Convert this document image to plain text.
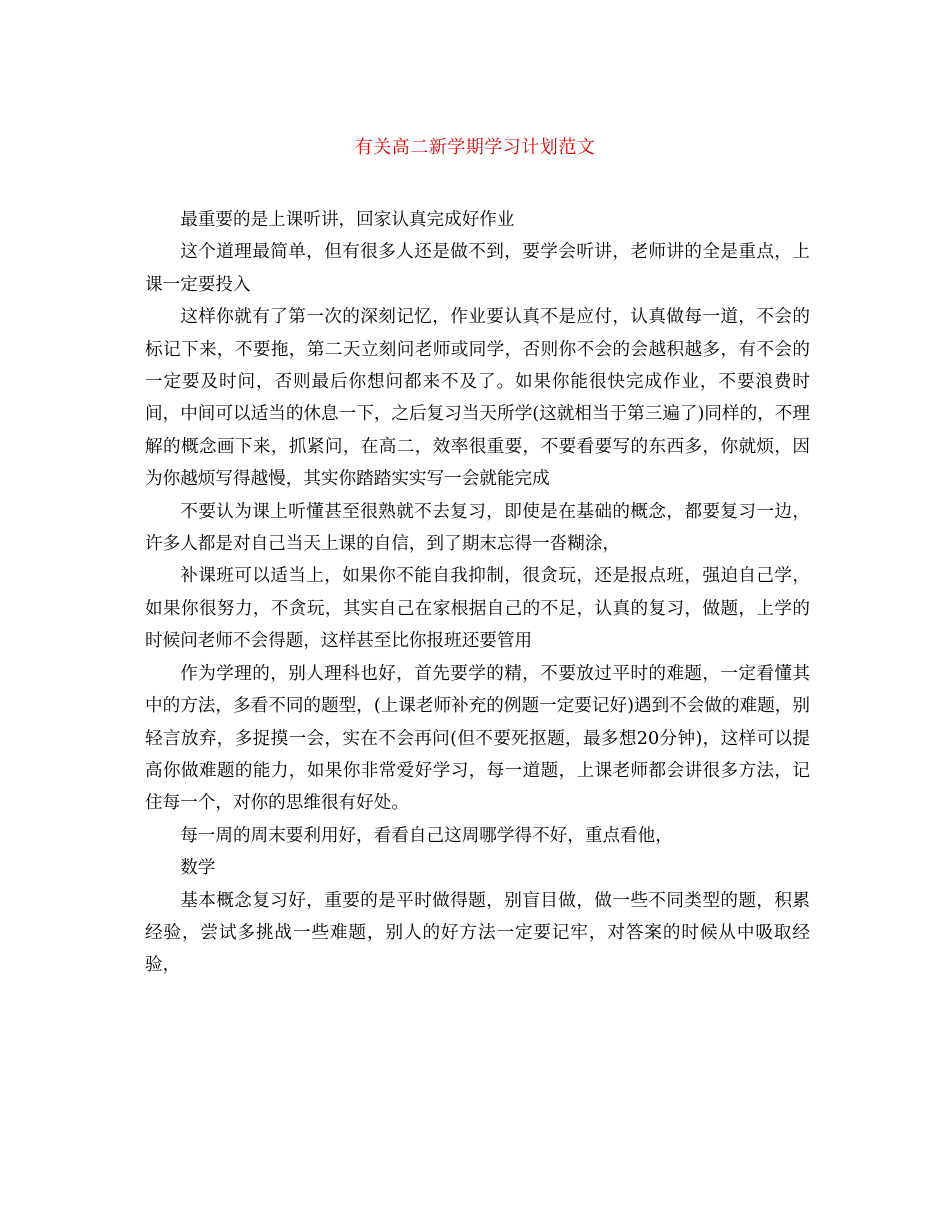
有关高二新学期学习计划范文

最重要的是上课听讲，回家认真完成好作业

这个道理最简单，但有很多人还是做不到，要学会听讲，老师讲的全是重点，上课一定要投入

这样你就有了第一次的深刻记忆，作业要认真不是应付，认真做每一道，不会的标记下来，不要拖，第二天立刻问老师或同学，否则你不会的会越积越多，有不会的一定要及时问，否则最后你想问都来不及了。如果你能很快完成作业，不要浪费时间，中间可以适当的休息一下，之后复习当天所学(这就相当于第三遍了)同样的，不理解的概念画下来，抓紧问，在高二，效率很重要，不要看要写的东西多，你就烦，因为你越烦写得越慢，其实你踏踏实实写一会就能完成

不要认为课上听懂甚至很熟就不去复习，即使是在基础的概念，都要复习一边，许多人都是对自己当天上课的自信，到了期末忘得一沓糊涂，

补课班可以适当上，如果你不能自我抑制，很贪玩，还是报点班，强迫自己学，如果你很努力，不贪玩，其实自己在家根据自己的不足，认真的复习，做题，上学的时候问老师不会得题，这样甚至比你报班还要管用

作为学理的，别人理科也好，首先要学的精，不要放过平时的难题，一定看懂其中的方法，多看不同的题型，(上课老师补充的例题一定要记好)遇到不会做的难题，别轻言放弃，多捉摸一会，实在不会再问(但不要死抠题，最多想20分钟)，这样可以提高你做难题的能力，如果你非常爱好学习，每一道题，上课老师都会讲很多方法，记住每一个，对你的思维很有好处。

每一周的周末要利用好，看看自己这周哪学得不好，重点看他，

数学

基本概念复习好，重要的是平时做得题，别盲目做，做一些不同类型的题，积累经验，尝试多挑战一些难题，别人的好方法一定要记牢，对答案的时候从中吸取经验，
